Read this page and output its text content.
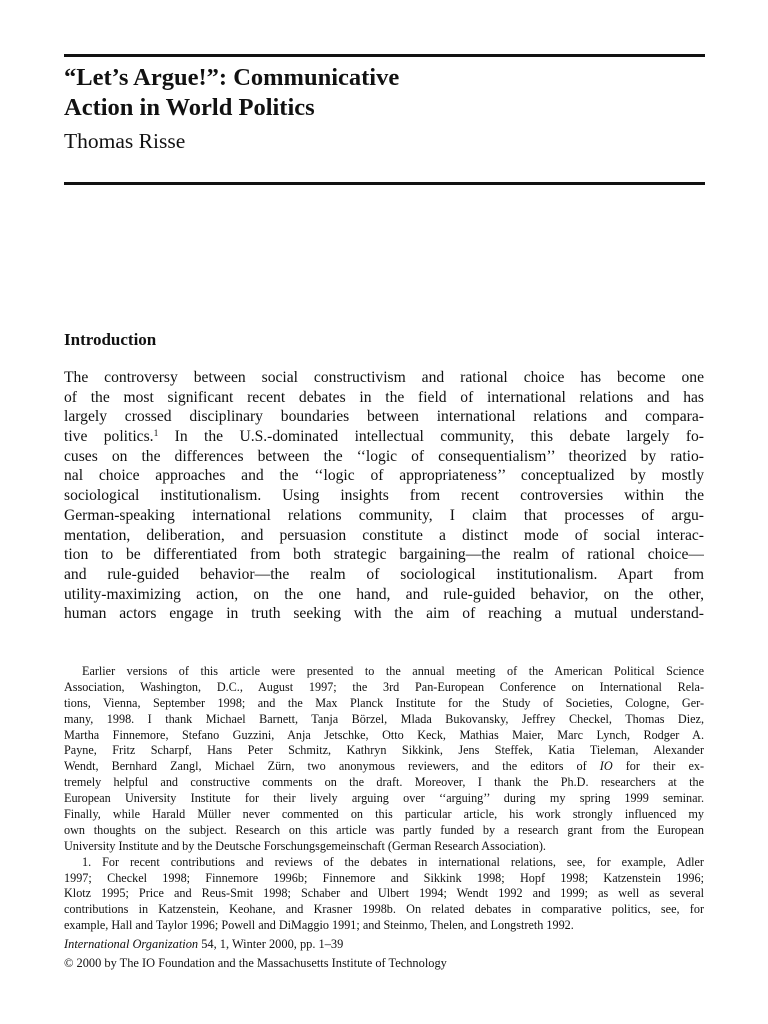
“Let’s Argue!”: Communicative
Action in World Politics
Thomas Risse
Introduction
The controversy between social constructivism and rational choice has become one
of the most significant recent debates in the field of international relations and has
largely crossed disciplinary boundaries between international relations and compara-
tive politics.$^1$ In the U.S.-dominated intellectual community, this debate largely fo-
cuses on the differences between the ‘‘logic of consequentialism’’ theorized by ratio-
nal choice approaches and the ‘‘logic of appropriateness’’ conceptualized by mostly
sociological institutionalism. Using insights from recent controversies within the
German-speaking international relations community, I claim that processes of argu-
mentation, deliberation, and persuasion constitute a distinct mode of social interac-
tion to be differentiated from both strategic bargaining—the realm of rational choice—
and rule-guided behavior—the realm of sociological institutionalism. Apart from
utility-maximizing action, on the one hand, and rule-guided behavior, on the other,
human actors engage in truth seeking with the aim of reaching a mutual understand-
Earlier versions of this article were presented to the annual meeting of the American Political Science
Association, Washington, D.C., August 1997; the 3rd Pan-European Conference on International Rela-
tions, Vienna, September 1998; and the Max Planck Institute for the Study of Societies, Cologne, Ger-
many, 1998. I thank Michael Barnett, Tanja Börzel, Mlada Bukovansky, Jeffrey Checkel, Thomas Diez,
Martha Finnemore, Stefano Guzzini, Anja Jetschke, Otto Keck, Mathias Maier, Marc Lynch, Rodger A.
Payne, Fritz Scharpf, Hans Peter Schmitz, Kathryn Sikkink, Jens Steffek, Katia Tieleman, Alexander
Wendt, Bernhard Zangl, Michael Zürn, two anonymous reviewers, and the editors of IO for their ex-
tremely helpful and constructive comments on the draft. Moreover, I thank the Ph.D. researchers at the
European University Institute for their lively arguing over ‘‘arguing’’ during my spring 1999 seminar.
Finally, while Harald Müller never commented on this particular article, his work strongly influenced my
own thoughts on the subject. Research on this article was partly funded by a research grant from the European
University Institute and by the Deutsche Forschungsgemeinschaft (German Research Association).
1. For recent contributions and reviews of the debates in international relations, see, for example, Adler
1997; Checkel 1998; Finnemore 1996b; Finnemore and Sikkink 1998; Hopf 1998; Katzenstein 1996;
Klotz 1995; Price and Reus-Smit 1998; Schaber and Ulbert 1994; Wendt 1992 and 1999; as well as several
contributions in Katzenstein, Keohane, and Krasner 1998b. On related debates in comparative politics, see, for
example, Hall and Taylor 1996; Powell and DiMaggio 1991; and Steinmo, Thelen, and Longstreth 1992.
International Organization 54, 1, Winter 2000, pp. 1–39
© 2000 by The IO Foundation and the Massachusetts Institute of Technology
